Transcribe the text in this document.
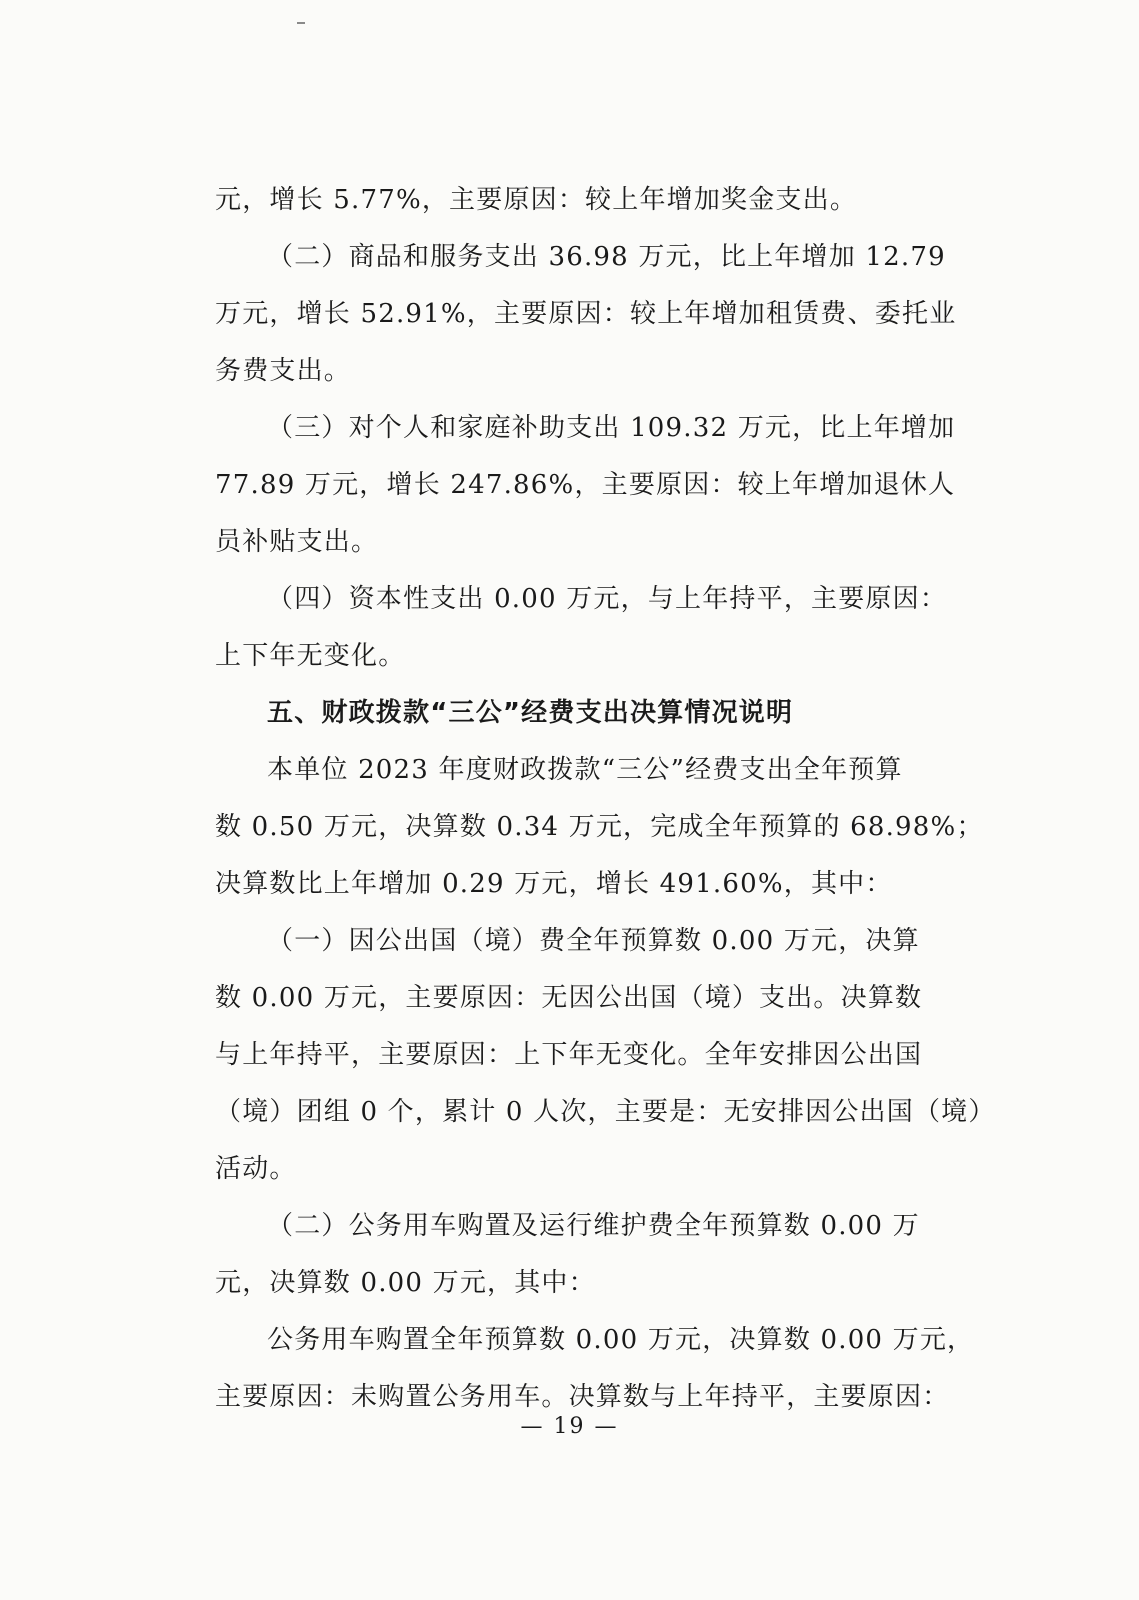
元，增长 5.77%，主要原因：较上年增加奖金支出。
（二）商品和服务支出 36.98 万元，比上年增加 12.79
万元，增长 52.91%，主要原因：较上年增加租赁费、委托业
务费支出。
（三）对个人和家庭补助支出 109.32 万元，比上年增加
77.89 万元，增长 247.86%，主要原因：较上年增加退休人
员补贴支出。
（四）资本性支出 0.00 万元，与上年持平，主要原因：
上下年无变化。
五、财政拨款“三公”经费支出决算情况说明
本单位 2023 年度财政拨款“三公”经费支出全年预算
数 0.50 万元，决算数 0.34 万元，完成全年预算的 68.98%；
决算数比上年增加 0.29 万元，增长 491.60%，其中：
（一）因公出国（境）费全年预算数 0.00 万元，决算
数 0.00 万元，主要原因：无因公出国（境）支出。决算数
与上年持平，主要原因：上下年无变化。全年安排因公出国
（境）团组 0 个，累计 0 人次，主要是：无安排因公出国（境）
活动。
（二）公务用车购置及运行维护费全年预算数 0.00 万
元，决算数 0.00 万元，其中：
公务用车购置全年预算数 0.00 万元，决算数 0.00 万元，
主要原因：未购置公务用车。决算数与上年持平，主要原因：
— 19 —
